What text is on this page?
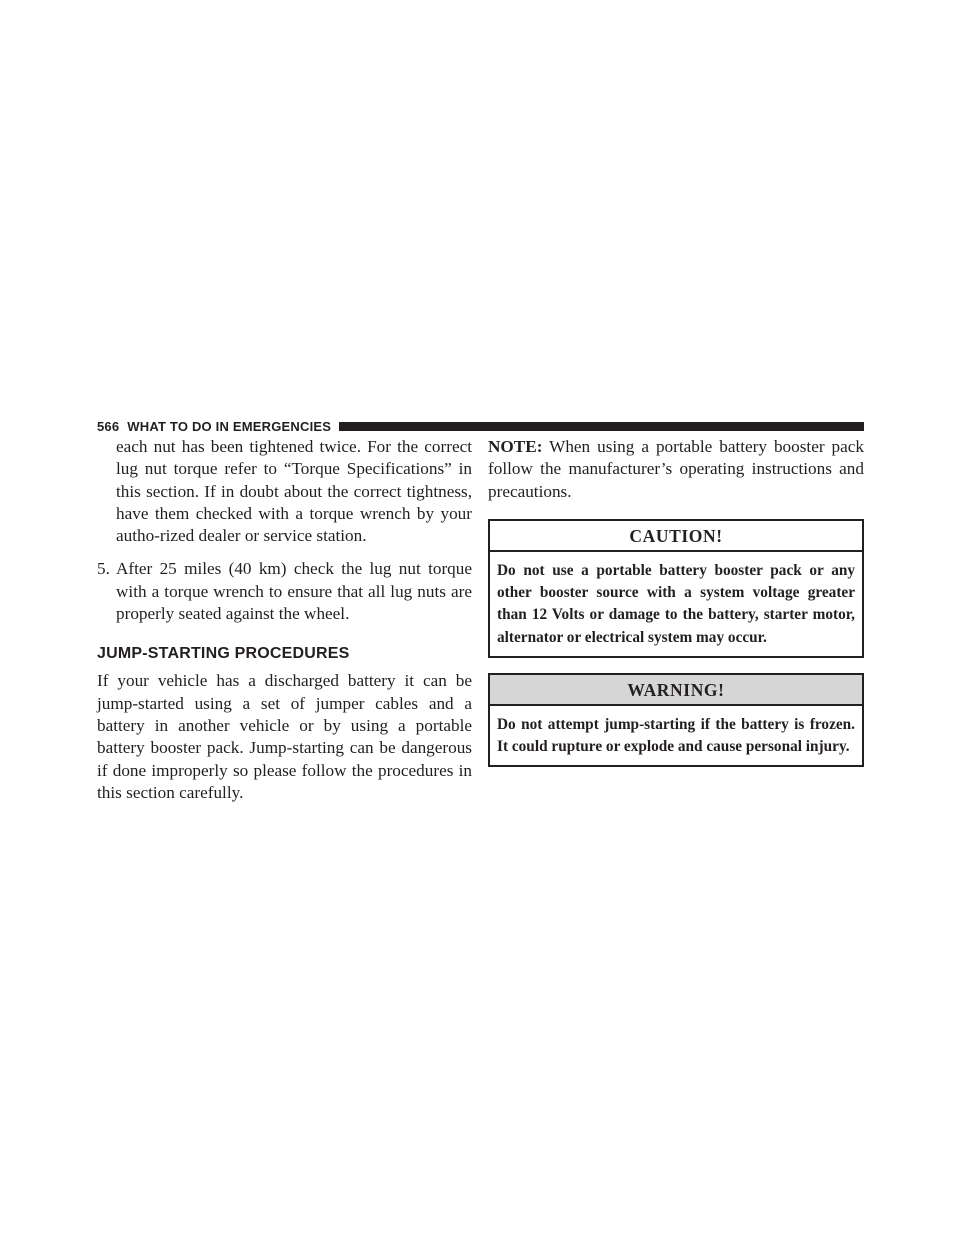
566 WHAT TO DO IN EMERGENCIES

each nut has been tightened twice. For the correct lug nut torque refer to “Torque Specifications” in this section. If in doubt about the correct tightness, have them checked with a torque wrench by your autho-rized dealer or service station.

5. After 25 miles (40 km) check the lug nut torque with a torque wrench to ensure that all lug nuts are properly seated against the wheel.

JUMP-STARTING PROCEDURES

If your vehicle has a discharged battery it can be jump-started using a set of jumper cables and a battery in another vehicle or by using a portable battery booster pack. Jump-starting can be dangerous if done improperly so please follow the procedures in this section carefully.

NOTE: When using a portable battery booster pack follow the manufacturer’s operating instructions and precautions.

CAUTION!
Do not use a portable battery booster pack or any other booster source with a system voltage greater than 12 Volts or damage to the battery, starter motor, alternator or electrical system may occur.
WARNING!
Do not attempt jump-starting if the battery is frozen. It could rupture or explode and cause personal injury.
